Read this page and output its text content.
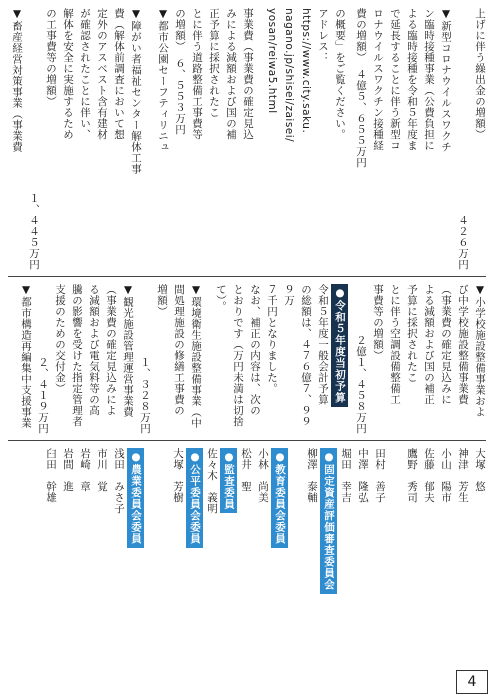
上げに伴う繰出金の増額）
４２６万円
▼新型コロナウイルスワクチ
ン臨時接種事業（公費負担に
よる臨時接種を令和５年度ま
で延長することに伴う新型コ
ロナウイルスワクチン接種経
費の増額）　４億５、６５５万円
の概要」をご覧ください。
アドレス：
https://www.city.saku.
nagano.jp/shisei/zaisei/
yosan/reiwa5.html
事業費（事業費の確定見込
みによる減額および国の補
正予算に採択されたこ
とに伴う道路整備工事費等
の増額）　６、５５３万円
▼都市公園セーフティリニュ
▼障がい者福祉センター解体工事
費（解体前調査において想
定外のアスベスト含有建材
が確認されたことに伴い、
解体を安全に実施するため
の工事費等の増額）
１、４４５万円
▼畜産経営対策事業（事業費
▼小学校施設整備事業およ
び中学校施設整備事業費
（事業費の確定見込みに
よる減額および国の補正
予算に採択されたこ
とに伴う空調設備整備工
事費等の増額）
２億１、４５８万円
●令和５年度当初予算
令和５年度一般会計予算
の総額は、４７６億７、９９９万
７千円となりました。
なお、補正の内容は、次の
とおりです（万円未満は切捨
て）。
▼環境衛生施設整備事業（中
間処理施設の修繕工事費の
増額）
１、３２８万円
▼観光施設管理運営事業費
（事業費の確定見込みによ
る減額および電気料等の高
騰の影響を受けた指定管理者
支援のための交付金）
２、４１９万円
▼都市構造再編集中支援事業
大塚　悠
神津　芳生
小山　陽市
佐藤　郁夫
鷹野　秀司
田村　善子
中澤　隆弘
堀田　幸吉
●固定資産評価審査委員会
柳澤　泰輔
●教育委員会委員
小林　尚美
松井　聖
●監査委員
佐々木　義明
●公平委員会委員
大塚　芳樹
●農業委員会委員
浅田　みさ子
市川　覚
岩崎　章
岩間　進
臼田　幹雄
4
